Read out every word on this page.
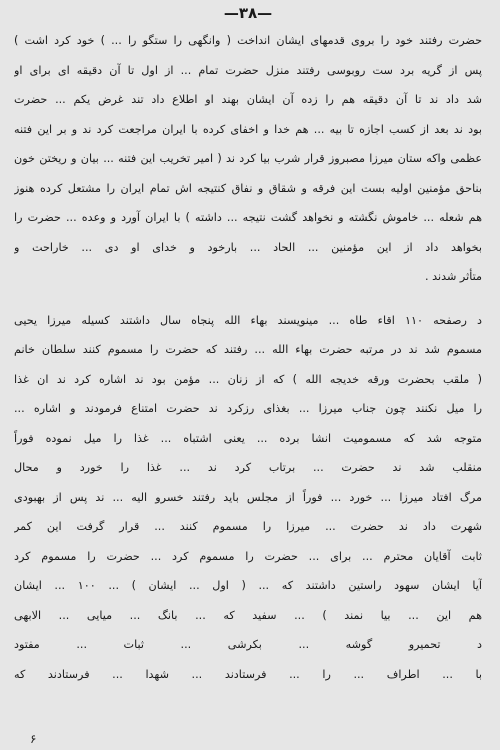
—۳۸—
حضرت رفتند خود را بروی قدمهای ایشان انداخت ( وانگهی را ستگو را ... ) خود کرد اشت )
پس از گریه برد ست روبوسی رفتند منزل حضرت تمام ... از اول تا آن دقیقه ای برای او
شد داد ند تا آن دقیقه هم را زده آن ایشان بهند او اطلاع داد تند غرض یکم ... حضرت
بود ند بعد از کسب اجازه تا بیه ... هم خدا و اخفای کرده با ایران مراجعت کرد ند و بر این فتنه
عظمی واکه ستان میرزا مصبروز قرار شرب بیا کرد ند ( امیر تخریب این فتنه ... بیان و ریختن خون
بناحق مؤمنین اولیه بست این فرقه و شقاق و نفاق کنتیجه اش تمام ایران را مشتعل کرده هنوز
هم شعله ... خاموش نگشته و نخواهد گشت نتیجه ... داشته ) با ایران آورد و وعده ... حضرت را
بخواهد داد از این مؤمنین ... الحاد ... بارخود و خدای او دی ... خاراحت و
متأثر شدند .
د رصفحه ۱۱۰ اقاء طاه ... مینویسند بهاء الله پنجاه سال داشتند کسیله میرزا یحیی
مسموم شد ند در مرتبه حضرت بهاء الله ... رفتند که حضرت را مسموم کنند سلطان خانم
( ملقب بحضرت ورقه خدیجه الله ) که از زنان ... مؤمن بود ند اشاره کرد ند ان غذا
را میل نکنند چون جناب میرزا ... بغذای رزکرد ند حضرت امتناع فرمودند و اشاره ...
متوجه شد که مسمومیت انشا برده ... یعنی اشتباه ... غذا را میل نموده فوراً
منقلب شد ند حضرت ... برتاب کرد ند ... غذا را خورد و محال
مرگ افتاد میرزا ... خورد ... فوراً از مجلس باید رفتند خسرو الیه ... ند پس از بهبودی
شهرت داد ند حضرت ... میرزا را مسموم کنند ... قرار گرفت این کمر
ثابت آقایان محترم ... برای ... حضرت را مسموم کرد ... حضرت را مسموم کرد
آیا ایشان سهود راستین داشتند که ... ( اول ... ایشان ) ... ۱۰۰ ... ایشان
هم این ... بیا نمند ) ... سفید که ... بانگ ... میایی ... الابهی
د تحمیرو گوشه ... بکرشی ... ثبات ... مفتود
با ... اطراف ... را ... فرستادند ... شهدا ... فرستادند که
۶
